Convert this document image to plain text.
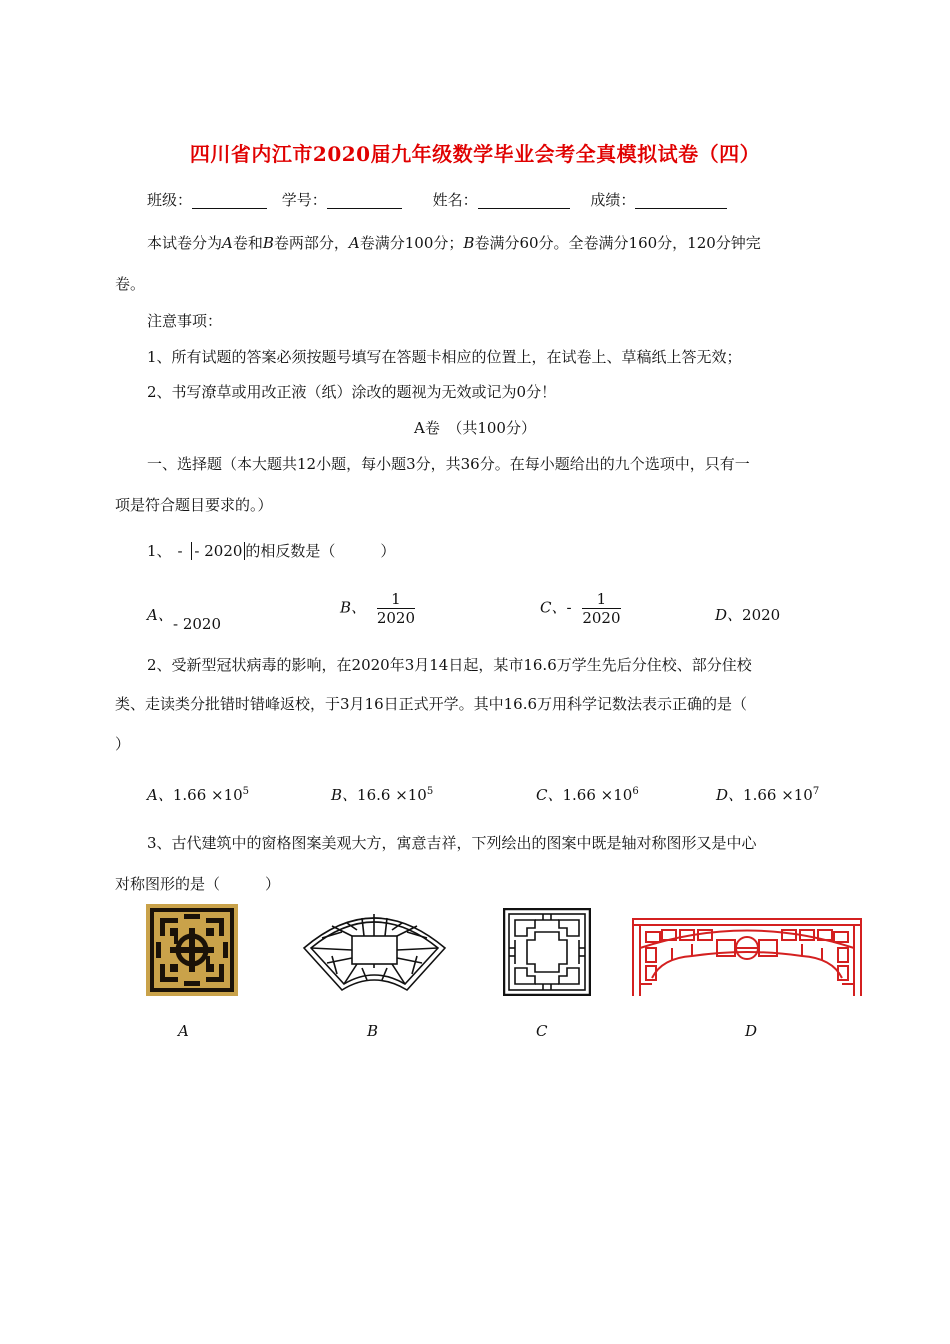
四川省内江市2020届九年级数学毕业会考全真模拟试卷（四）
班级：	学号：	姓名：	成绩：
本试卷分为A卷和B卷两部分，A卷满分100分；B卷满分60分。全卷满分160分，120分钟完
卷。
注意事项：
1、所有试题的答案必须按题号填写在答题卡相应的位置上，在试卷上、草稿纸上答无效；
2、书写潦草或用改正液（纸）涂改的题视为无效或记为0分！
A卷　（共100分）
一、选择题（本大题共12小题，每小题3分，共36分。在每小题给出的九个选项中，只有一
项是符合题目要求的。）
1、 - - 2020 的相反数是（　　　）
A、 - 2020
B、 $\frac{1}{2020}$	C、- $\frac{1}{2020}$	D、2020
2、受新型冠状病毒的影响，在2020年3月14日起，某市16.6万学生先后分住校、部分住校
类、走读类分批错时错峰返校，于3月16日正式开学。其中16.6万用科学记数法表示正确的是（
）
A、$1.66 \times 10^5$	B、$16.6 \times 10^5$	C、$1.66 \times 10^6$	D、$1.66 \times 10^7$
3、古代建筑中的窗格图案美观大方，寓意吉祥，下列绘出的图案中既是轴对称图形又是中心
对称图形的是（　　　）
A	B	C	D
